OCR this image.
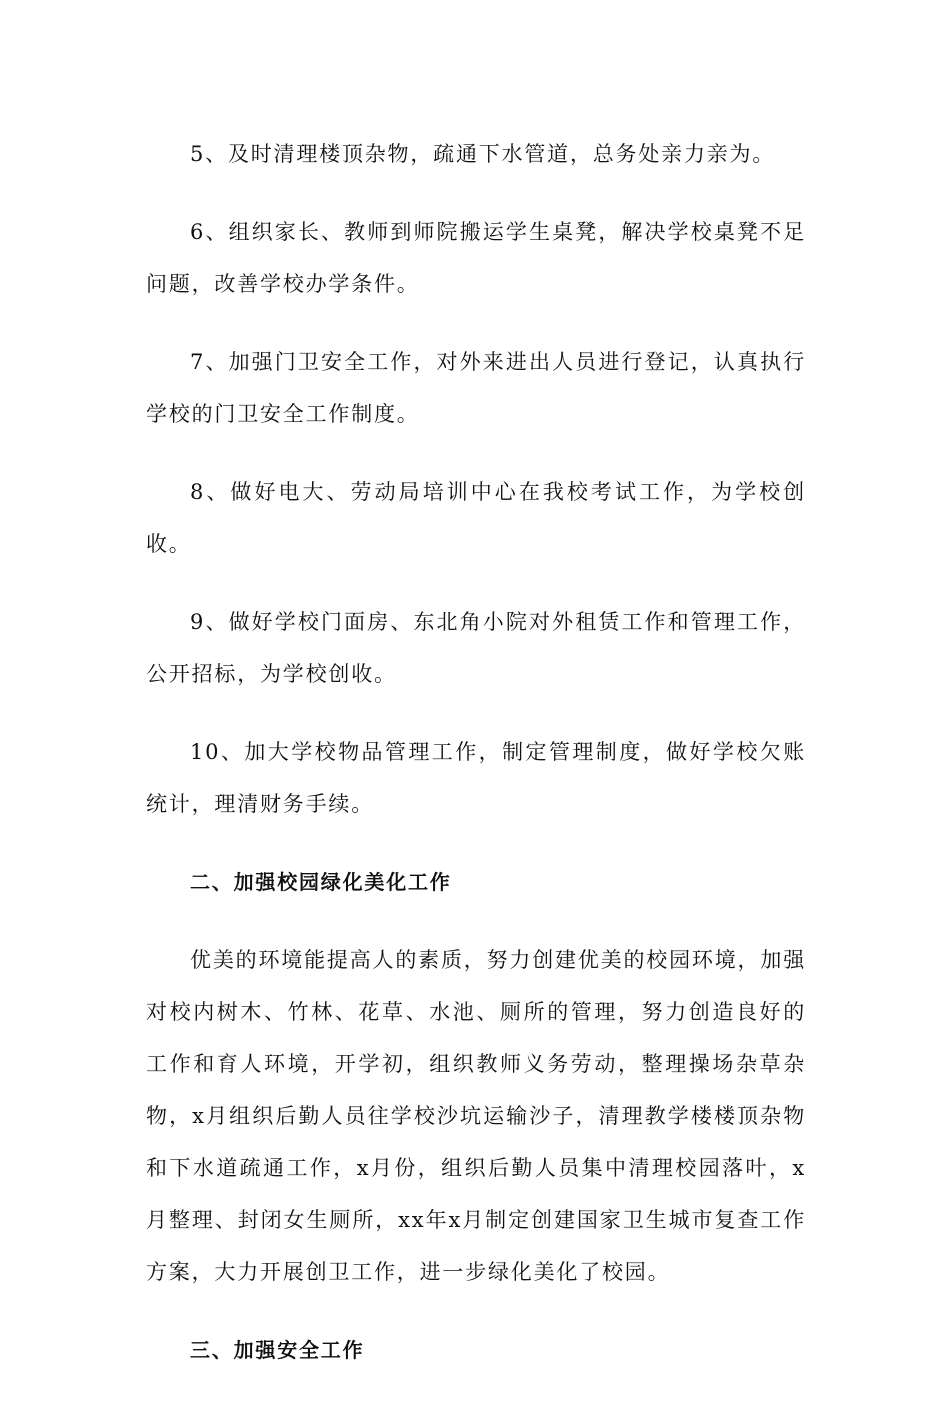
5、及时清理楼顶杂物，疏通下水管道，总务处亲力亲为。

6、组织家长、教师到师院搬运学生桌凳，解决学校桌凳不足问题，改善学校办学条件。

7、加强门卫安全工作，对外来进出人员进行登记，认真执行学校的门卫安全工作制度。

8、做好电大、劳动局培训中心在我校考试工作，为学校创收。

9、做好学校门面房、东北角小院对外租赁工作和管理工作，公开招标，为学校创收。

10、加大学校物品管理工作，制定管理制度，做好学校欠账统计，理清财务手续。

二、加强校园绿化美化工作

优美的环境能提高人的素质，努力创建优美的校园环境，加强对校内树木、竹林、花草、水池、厕所的管理，努力创造良好的工作和育人环境，开学初，组织教师义务劳动，整理操场杂草杂物，x月组织后勤人员往学校沙坑运输沙子，清理教学楼楼顶杂物和下水道疏通工作，x月份，组织后勤人员集中清理校园落叶，x月整理、封闭女生厕所，xx年x月制定创建国家卫生城市复查工作方案，大力开展创卫工作，进一步绿化美化了校园。

三、加强安全工作
